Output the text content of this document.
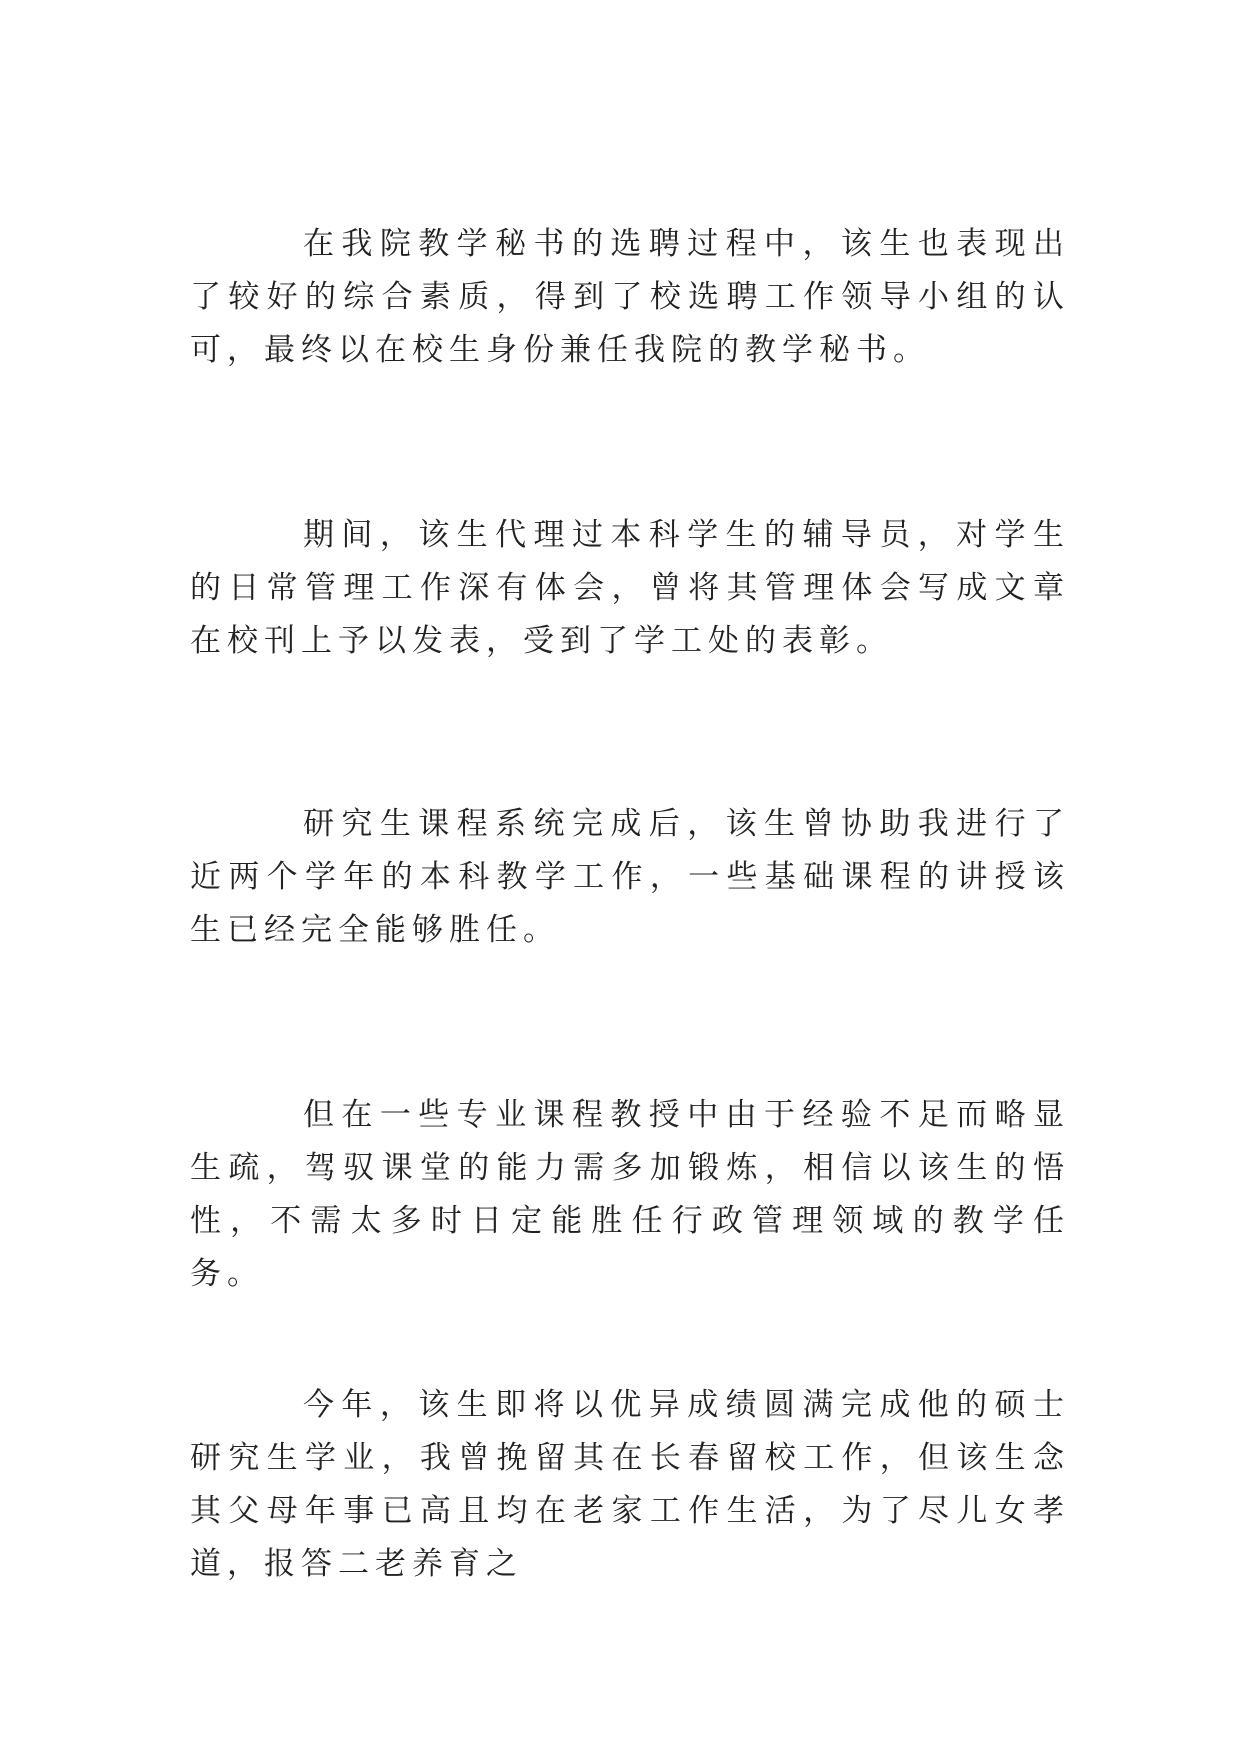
在我院教学秘书的选聘过程中，该生也表现出了较好的综合素质，得到了校选聘工作领导小组的认可，最终以在校生身份兼任我院的教学秘书。

期间，该生代理过本科学生的辅导员，对学生的日常管理工作深有体会，曾将其管理体会写成文章在校刊上予以发表，受到了学工处的表彰。

研究生课程系统完成后，该生曾协助我进行了近两个学年的本科教学工作，一些基础课程的讲授该生已经完全能够胜任。

但在一些专业课程教授中由于经验不足而略显生疏，驾驭课堂的能力需多加锻炼，相信以该生的悟性，不需太多时日定能胜任行政管理领域的教学任务。

今年，该生即将以优异成绩圆满完成他的硕士研究生学业，我曾挽留其在长春留校工作，但该生念其父母年事已高且均在老家工作生活，为了尽儿女孝道，报答二老养育之
